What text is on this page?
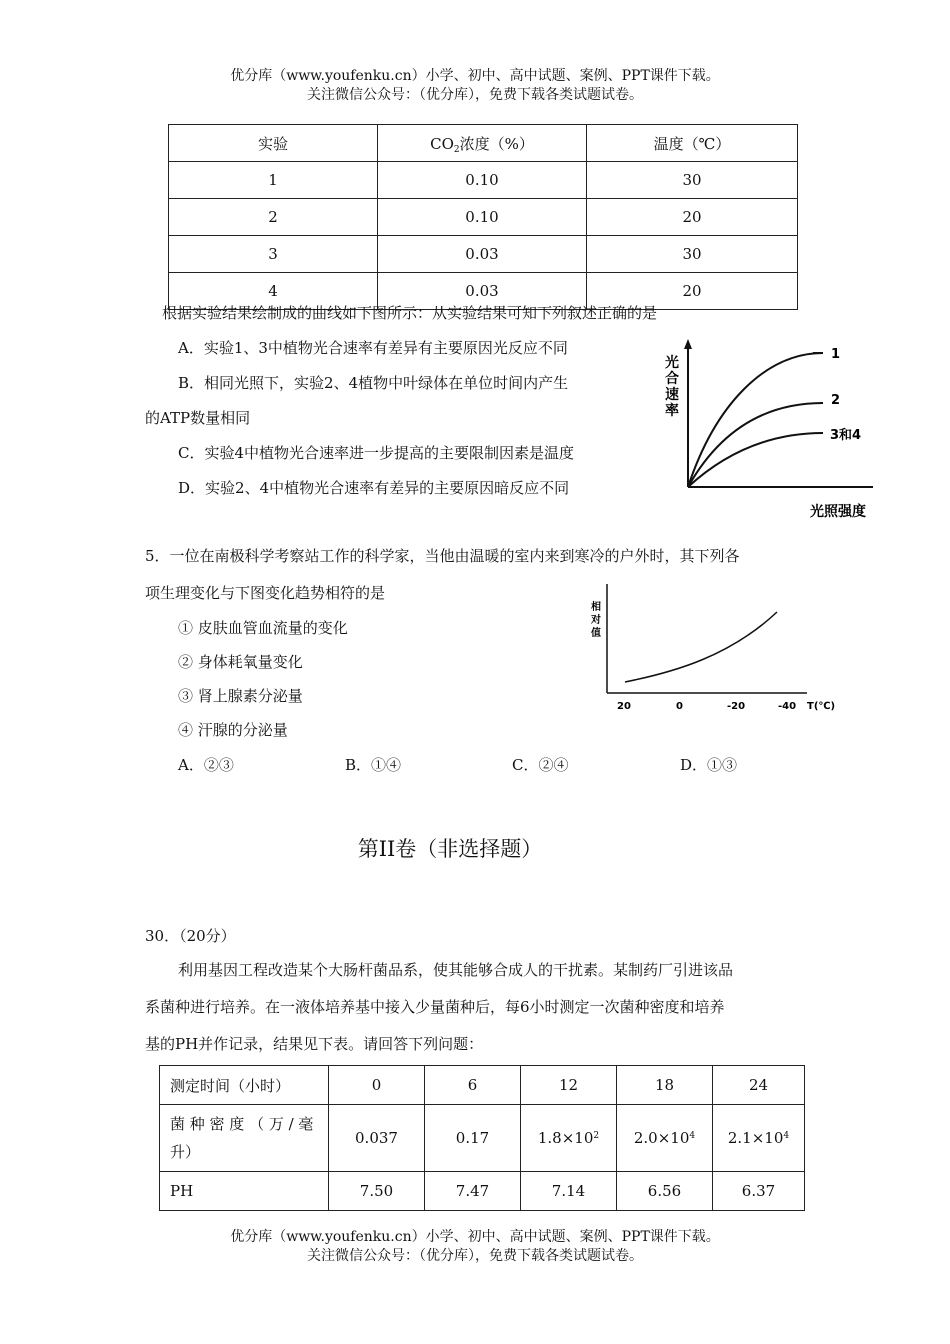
优分库（www.youfenku.cn）小学、初中、高中试题、案例、PPT课件下载。
关注微信公众号：（优分库），免费下载各类试题试卷。
实验	$CO_2$浓度（%）	温度（℃）
1	0.10	30
2	0.10	20
3	0.03	30
4	0.03	20
根据实验结果绘制成的曲线如下图所示：从实验结果可知下列叙述正确的是
A．实验1、3中植物光合速率有差异有主要原因光反应不同
B．相同光照下，实验2、4植物中叶绿体在单位时间内产生
的ATP数量相同
C．实验4中植物光合速率进一步提高的主要限制因素是温度
D．实验2、4中植物光合速率有差异的主要原因暗反应不同
光
合
速
率
1
2
3和4
光照强度
5．一位在南极科学考察站工作的科学家，当他由温暖的室内来到寒冷的户外时，其下列各
项生理变化与下图变化趋势相符的是
① 皮肤血管血流量的变化
② 身体耗氧量变化
③ 肾上腺素分泌量
④ 汗腺的分泌量
A．②③	B．①④	C．②④	D．①③
相
对
值
20	0	-20	-40 T(℃)
第II卷（非选择题）
30．（20分）
利用基因工程改造某个大肠杆菌品系，使其能够合成人的干扰素。某制药厂引进该品
系菌种进行培养。在一液体培养基中接入少量菌种后，每6小时测定一次菌种密度和培养
基的PH并作记录，结果见下表。请回答下列问题：
测定时间（小时）	0	6	12	18	24

菌 种 密 度 （ 万 / 毫
升）	0.037	0.17	$1.8\times 10^2$	$2.0\times 10^4$	$2.1\times 10^4$
PH	7.50	7.47	7.14	6.56	6.37
优分库（www.youfenku.cn）小学、初中、高中试题、案例、PPT课件下载。
关注微信公众号：（优分库），免费下载各类试题试卷。
